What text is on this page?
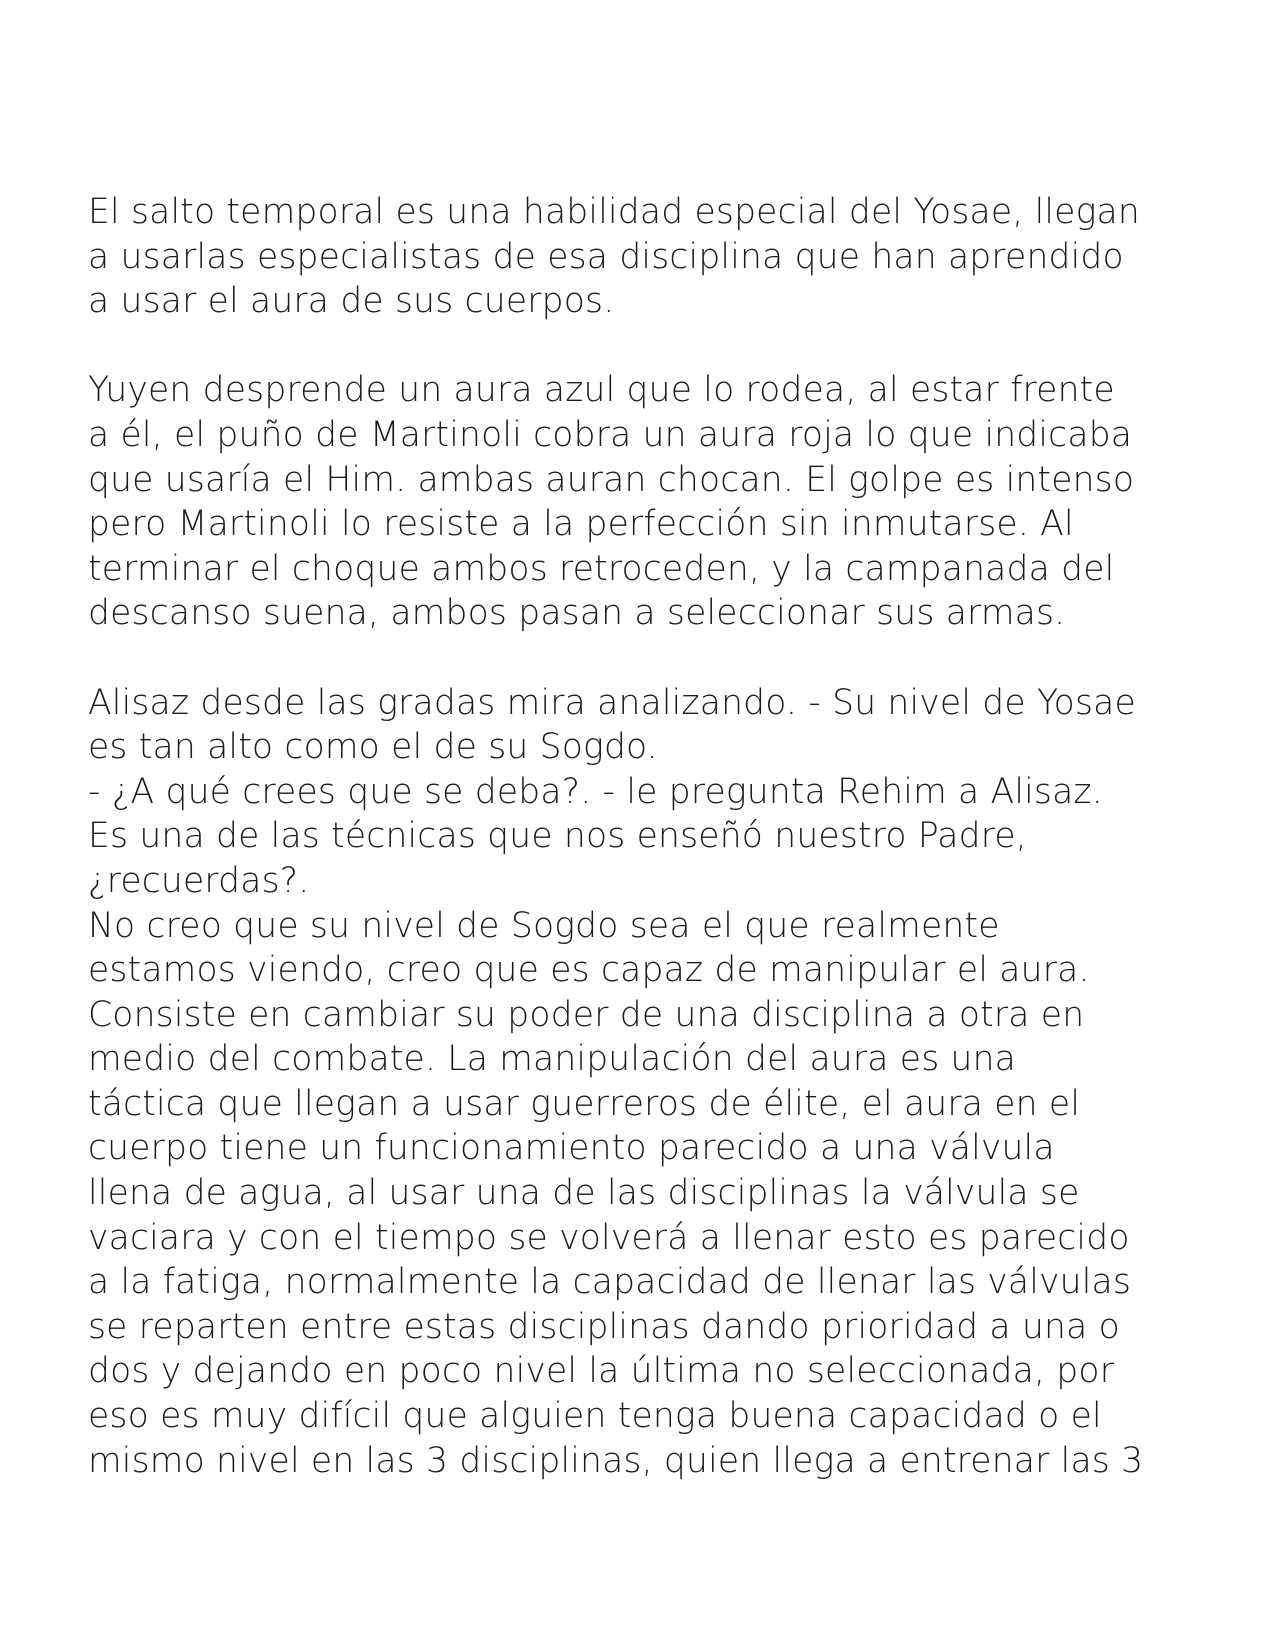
El salto temporal es una habilidad especial del Yosae, llegan
a usarlas especialistas de esa disciplina que han aprendido
a usar el aura de sus cuerpos.

Yuyen desprende un aura azul que lo rodea, al estar frente
a él, el puño de Martinoli cobra un aura roja lo que indicaba
que usaría el Him. ambas auran chocan. El golpe es intenso
pero Martinoli lo resiste a la perfección sin inmutarse. Al
terminar el choque ambos retroceden, y la campanada del
descanso suena, ambos pasan a seleccionar sus armas.

Alisaz desde las gradas mira analizando. - Su nivel de Yosae
es tan alto como el de su Sogdo.
- ¿A qué crees que se deba?. - le pregunta Rehim a Alisaz.
Es una de las técnicas que nos enseñó nuestro Padre,
¿recuerdas?.
No creo que su nivel de Sogdo sea el que realmente
estamos viendo, creo que es capaz de manipular el aura.
Consiste en cambiar su poder de una disciplina a otra en
medio del combate. La manipulación del aura es una
táctica que llegan a usar guerreros de élite, el aura en el
cuerpo tiene un funcionamiento parecido a una válvula
llena de agua, al usar una de las disciplinas la válvula se
vaciara y con el tiempo se volverá a llenar esto es parecido
a la fatiga, normalmente la capacidad de llenar las válvulas
se reparten entre estas disciplinas dando prioridad a una o
dos y dejando en poco nivel la última no seleccionada, por
eso es muy difícil que alguien tenga buena capacidad o el
mismo nivel en las 3 disciplinas, quien llega a entrenar las 3
